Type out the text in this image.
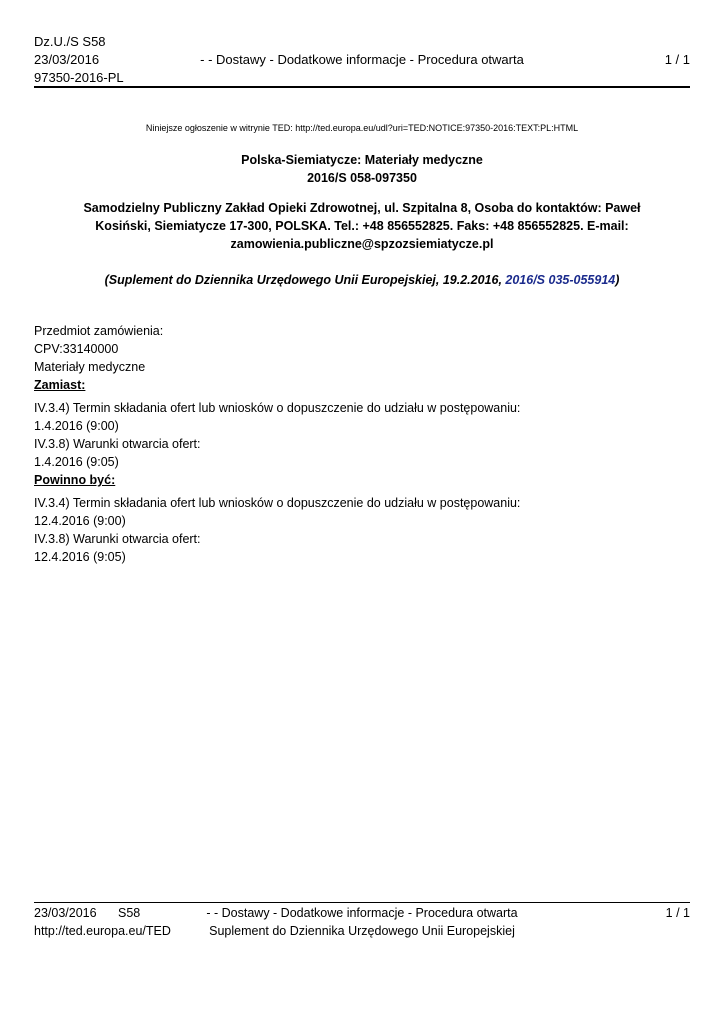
Dz.U./S S58
23/03/2016
97350-2016-PL
- - Dostawy - Dodatkowe informacje - Procedura otwarta	1 / 1
Niniejsze ogłoszenie w witrynie TED: http://ted.europa.eu/udl?uri=TED:NOTICE:97350-2016:TEXT:PL:HTML
Polska-Siemiatycze: Materiały medyczne
2016/S 058-097350
Samodzielny Publiczny Zakład Opieki Zdrowotnej, ul. Szpitalna 8, Osoba do kontaktów: Paweł Kosiński, Siemiatycze 17-300, POLSKA. Tel.: +48 856552825. Faks: +48 856552825. E-mail: zamowienia.publiczne@spzozsiemiatycze.pl
(Suplement do Dziennika Urzędowego Unii Europejskiej, 19.2.2016, 2016/S 035-055914)
Przedmiot zamówienia:
CPV:33140000
Materiały medyczne
Zamiast:
IV.3.4) Termin składania ofert lub wniosków o dopuszczenie do udziału w postępowaniu:
1.4.2016 (9:00)
IV.3.8) Warunki otwarcia ofert:
1.4.2016 (9:05)
Powinno być:
IV.3.4) Termin składania ofert lub wniosków o dopuszczenie do udziału w postępowaniu:
12.4.2016 (9:00)
IV.3.8) Warunki otwarcia ofert:
12.4.2016 (9:05)
23/03/2016 S58
http://ted.europa.eu/TED
- - Dostawy - Dodatkowe informacje - Procedura otwarta
Suplement do Dziennika Urzędowego Unii Europejskiej
1 / 1
